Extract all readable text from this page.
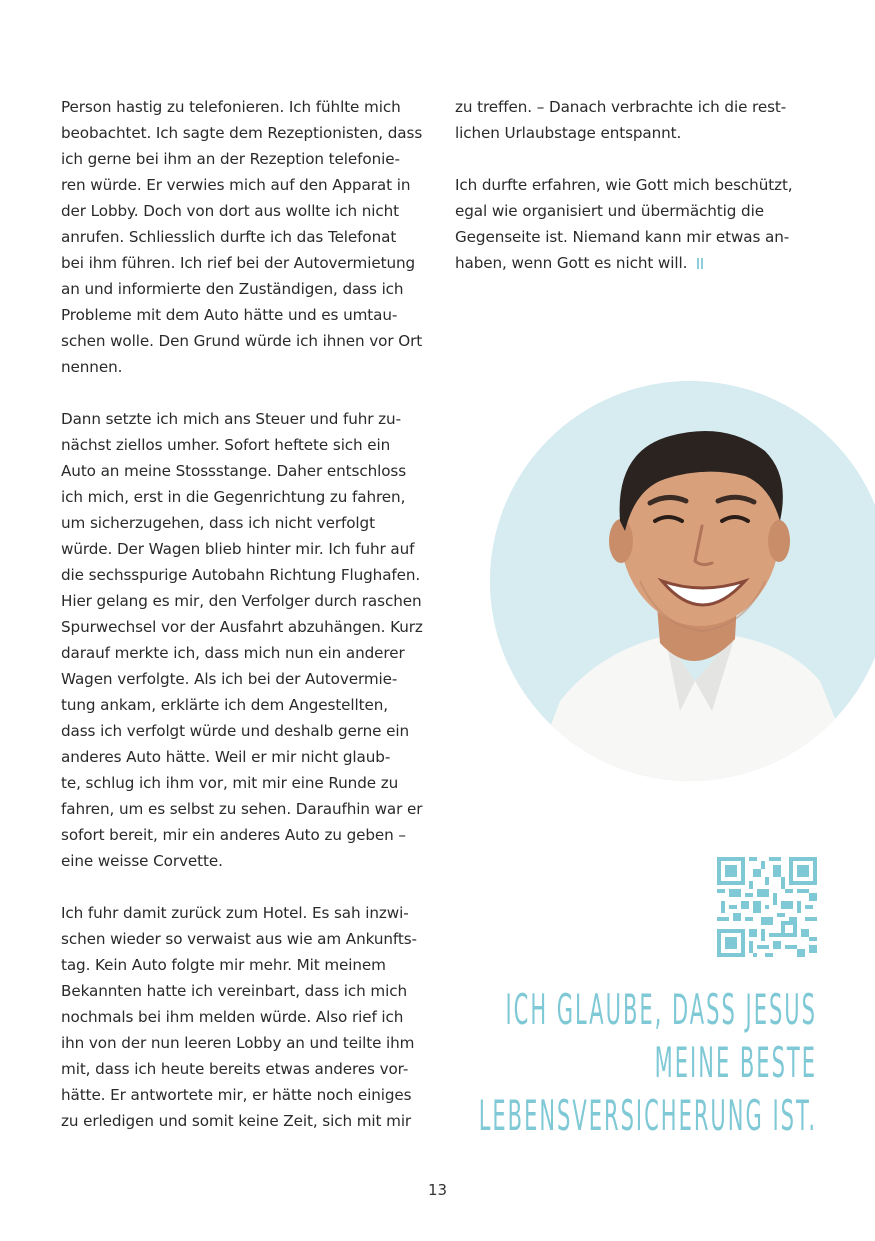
Person hastig zu telefonieren. Ich fühlte mich
beobachtet. Ich sagte dem Rezeptionisten, dass
ich gerne bei ihm an der Rezeption telefonie-
ren würde. Er verwies mich auf den Apparat in
der Lobby. Doch von dort aus wollte ich nicht
anrufen. Schliesslich durfte ich das Telefonat
bei ihm führen. Ich rief bei der Autovermietung
an und informierte den Zuständigen, dass ich
Probleme mit dem Auto hätte und es umtau-
schen wolle. Den Grund würde ich ihnen vor Ort
nennen.

Dann setzte ich mich ans Steuer und fuhr zu-
nächst ziellos umher. Sofort heftete sich ein
Auto an meine Stossstange. Daher entschloss
ich mich, erst in die Gegenrichtung zu fahren,
um sicherzugehen, dass ich nicht verfolgt
würde. Der Wagen blieb hinter mir. Ich fuhr auf
die sechsspurige Autobahn Richtung Flughafen.
Hier gelang es mir, den Verfolger durch raschen
Spurwechsel vor der Ausfahrt abzuhängen. Kurz
darauf merkte ich, dass mich nun ein anderer
Wagen verfolgte. Als ich bei der Autovermie-
tung ankam, erklärte ich dem Angestellten,
dass ich verfolgt würde und deshalb gerne ein
anderes Auto hätte. Weil er mir nicht glaub-
te, schlug ich ihm vor, mit mir eine Runde zu
fahren, um es selbst zu sehen. Daraufhin war er
sofort bereit, mir ein anderes Auto zu geben –
eine weisse Corvette.

Ich fuhr damit zurück zum Hotel. Es sah inzwi-
schen wieder so verwaist aus wie am Ankunfts-
tag. Kein Auto folgte mir mehr. Mit meinem
Bekannten hatte ich vereinbart, dass ich mich
nochmals bei ihm melden würde. Also rief ich
ihn von der nun leeren Lobby an und teilte ihm
mit, dass ich heute bereits etwas anderes vor-
hätte. Er antwortete mir, er hätte noch einiges
zu erledigen und somit keine Zeit, sich mit mir

zu treffen. – Danach verbrachte ich die rest-
lichen Urlaubstage entspannt.

Ich durfte erfahren, wie Gott mich beschützt,
egal wie organisiert und übermächtig die
Gegenseite ist. Niemand kann mir etwas an-
haben, wenn Gott es nicht will.

ICH GLAUBE, DASS JESUS
MEINE BESTE
LEBENSVERSICHERUNG IST.
13
